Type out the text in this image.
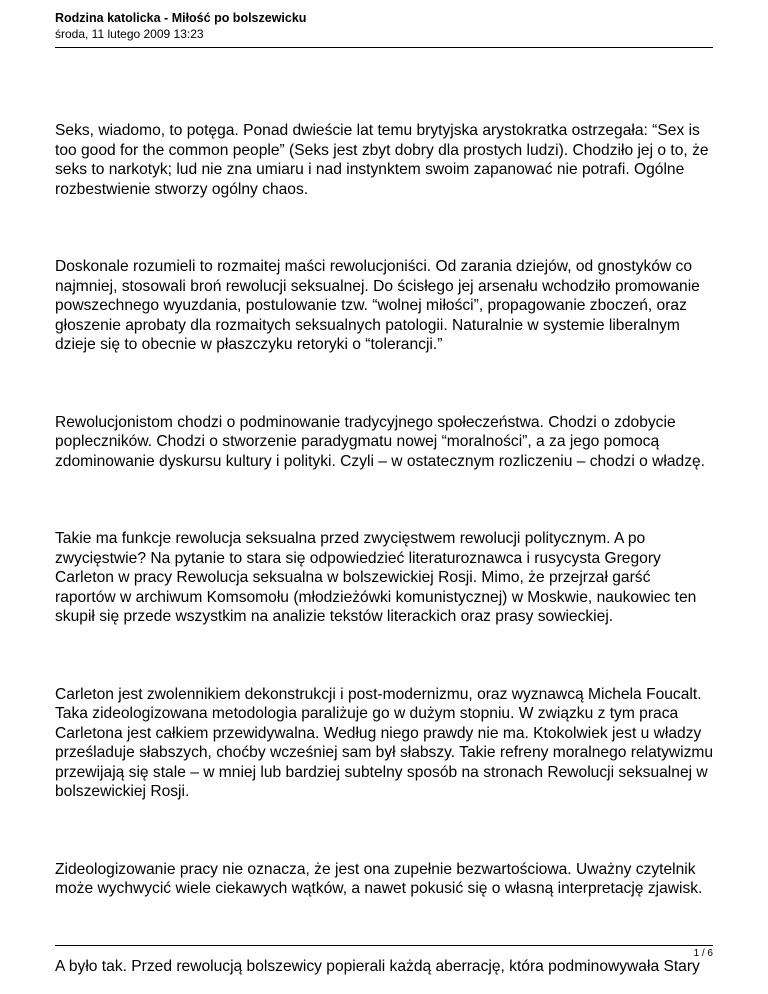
Rodzina katolicka - Miłość po bolszewicku

środa, 11 lutego 2009 13:23

Seks, wiadomo, to potęga. Ponad dwieście lat temu brytyjska arystokratka ostrzegała: “Sex is too good for the common people” (Seks jest zbyt dobry dla prostych ludzi). Chodziło jej o to, że seks to narkotyk; lud nie zna umiaru i nad instynktem swoim zapanować nie potrafi. Ogólne rozbestwienie stworzy ogólny chaos.

Doskonale rozumieli to rozmaitej maści rewolucjoniści. Od zarania dziejów, od gnostyków co najmniej, stosowali broń rewolucji seksualnej. Do ścisłego jej arsenału wchodziło promowanie powszechnego wyuzdania, postulowanie tzw. “wolnej miłości”, propagowanie zboczeń, oraz głoszenie aprobaty dla rozmaitych seksualnych patologii. Naturalnie w systemie liberalnym dzieje się to obecnie w płaszczyku retoryki o “tolerancji.”

Rewolucjonistom chodzi o podminowanie tradycyjnego społeczeństwa. Chodzi o zdobycie popleczników. Chodzi o stworzenie paradygmatu nowej “moralności”, a za jego pomocą zdominowanie dyskursu kultury i polityki. Czyli – w ostatecznym rozliczeniu – chodzi o władzę.

Takie ma funkcje rewolucja seksualna przed zwycięstwem rewolucji politycznym. A po zwycięstwie? Na pytanie to stara się odpowiedzieć literaturoznawca i rusycysta Gregory Carleton w pracy Rewolucja seksualna w bolszewickiej Rosji. Mimo, że przejrzał garść raportów w archiwum Komsomołu (młodzieżówki komunistycznej) w Moskwie, naukowiec ten skupił się przede wszystkim na analizie tekstów literackich oraz prasy sowieckiej.

Carleton jest zwolennikiem dekonstrukcji i post-modernizmu, oraz wyznawcą Michela Foucalt. Taka zideologizowana metodologia paraliżuje go w dużym stopniu. W związku z tym praca Carletona jest całkiem przewidywalna. Według niego prawdy nie ma. Ktokolwiek jest u władzy prześladuje słabszych, choćby wcześniej sam był słabszy. Takie refreny moralnego relatywizmu przewijają się stale – w mniej lub bardziej subtelny sposób na stronach Rewolucji seksualnej w bolszewickiej Rosji.

Zideologizowanie pracy nie oznacza, że jest ona zupełnie bezwartościowa. Uważny czytelnik może wychwycić wiele ciekawych wątków, a nawet pokusić się o własną interpretację zjawisk.

A było tak. Przed rewolucją bolszewicy popierali każdą aberrację, która podminowywała Stary

1 / 6
